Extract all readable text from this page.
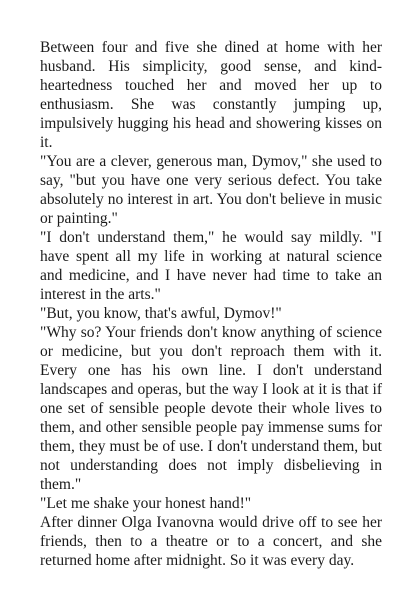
Between four and five she dined at home with her husband. His simplicity, good sense, and kind-heartedness touched her and moved her up to enthusiasm. She was constantly jumping up, impulsively hugging his head and showering kisses on it.

"You are a clever, generous man, Dymov," she used to say, "but you have one very serious defect. You take absolutely no interest in art. You don't believe in music or painting."

"I don't understand them," he would say mildly. "I have spent all my life in working at natural science and medicine, and I have never had time to take an interest in the arts."

"But, you know, that's awful, Dymov!"

"Why so? Your friends don't know anything of science or medicine, but you don't reproach them with it. Every one has his own line. I don't understand landscapes and operas, but the way I look at it is that if one set of sensible people devote their whole lives to them, and other sensible people pay immense sums for them, they must be of use. I don't understand them, but not understanding does not imply disbelieving in them."

"Let me shake your honest hand!"

After dinner Olga Ivanovna would drive off to see her friends, then to a theatre or to a concert, and she returned home after midnight. So it was every day.
